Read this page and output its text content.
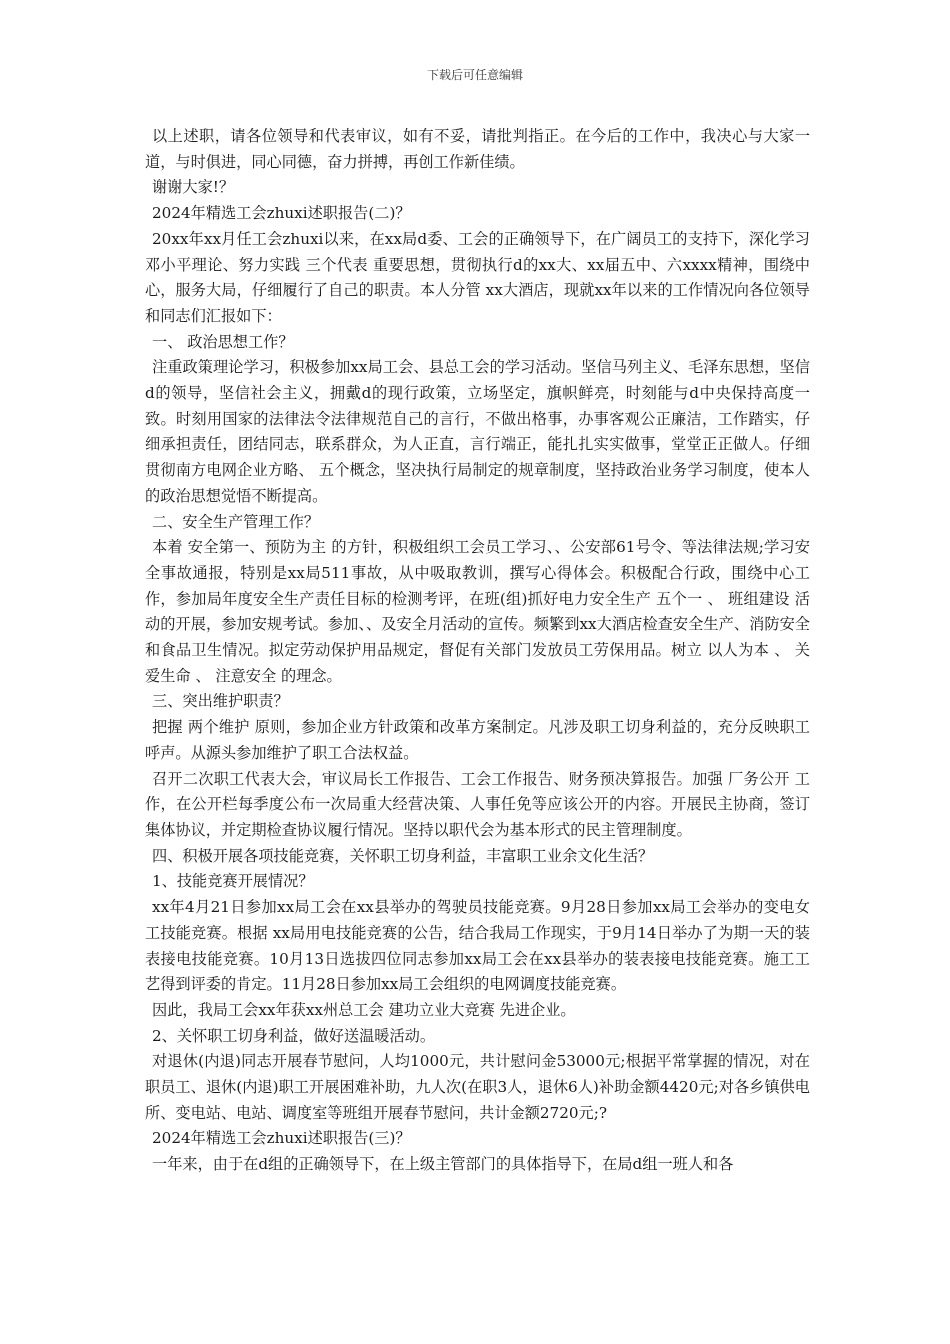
下载后可任意编辑

以上述职，请各位领导和代表审议，如有不妥，请批判指正。在今后的工作中，我决心与大家一道，与时俱进，同心同德，奋力拼搏，再创工作新佳绩。

谢谢大家!？

2024年精选工会zhuxi述职报告(二)？

20xx年xx月任工会zhuxi以来，在xx局d委、工会的正确领导下，在广阔员工的支持下，深化学习邓小平理论、努力实践 三个代表 重要思想，贯彻执行d的xx大、xx届五中、六xxxx精神，围绕中心，服务大局，仔细履行了自己的职责。本人分管 xx大酒店，现就xx年以来的工作情况向各位领导和同志们汇报如下：

一、 政治思想工作？

注重政策理论学习，积极参加xx局工会、县总工会的学习活动。坚信马列主义、毛泽东思想，坚信d的领导，坚信社会主义，拥戴d的现行政策，立场坚定，旗帜鲜亮，时刻能与d中央保持高度一致。时刻用国家的法律法令法律规范自己的言行，不做出格事，办事客观公正廉洁，工作踏实，仔细承担责任，团结同志，联系群众，为人正直，言行端正，能扎扎实实做事，堂堂正正做人。仔细贯彻南方电网企业方略、 五个概念，坚决执行局制定的规章制度，坚持政治业务学习制度，使本人的政治思想觉悟不断提高。

二、安全生产管理工作？

本着 安全第一、预防为主 的方针，积极组织工会员工学习、、公安部61号令、等法律法规;学习安全事故通报，特别是xx局511事故，从中吸取教训，撰写心得体会。积极配合行政，围绕中心工作，参加局年度安全生产责任目标的检测考评，在班(组)抓好电力安全生产 五个一 、 班组建设 活动的开展，参加安规考试。参加、、及安全月活动的宣传。频繁到xx大酒店检查安全生产、消防安全和食品卫生情况。拟定劳动保护用品规定，督促有关部门发放员工劳保用品。树立 以人为本 、 关爱生命 、 注意安全 的理念。

三、突出维护职责？

把握 两个维护 原则，参加企业方针政策和改革方案制定。凡涉及职工切身利益的，充分反映职工呼声。从源头参加维护了职工合法权益。

召开二次职工代表大会，审议局长工作报告、工会工作报告、财务预决算报告。加强 厂务公开 工作，在公开栏每季度公布一次局重大经营决策、人事任免等应该公开的内容。开展民主协商，签订集体协议，并定期检查协议履行情况。坚持以职代会为基本形式的民主管理制度。

四、积极开展各项技能竞赛，关怀职工切身利益，丰富职工业余文化生活？

1、技能竞赛开展情况？

xx年4月21日参加xx局工会在xx县举办的驾驶员技能竞赛。9月28日参加xx局工会举办的变电女工技能竞赛。根据 xx局用电技能竞赛的公告，结合我局工作现实，于9月14日举办了为期一天的装表接电技能竞赛。10月13日选拔四位同志参加xx局工会在xx县举办的装表接电技能竞赛。施工工艺得到评委的肯定。11月28日参加xx局工会组织的电网调度技能竞赛。

因此，我局工会xx年获xx州总工会 建功立业大竞赛 先进企业。

2、关怀职工切身利益，做好送温暖活动。

对退休(内退)同志开展春节慰问，人均1000元，共计慰问金53000元;根据平常掌握的情况，对在职员工、退休(内退)职工开展困难补助，九人次(在职3人，退休6人)补助金额4420元;对各乡镇供电所、变电站、电站、调度室等班组开展春节慰问，共计金额2720元;?

2024年精选工会zhuxi述职报告(三)？

一年来，由于在d组的正确领导下，在上级主管部门的具体指导下，在局d组一班人和各
